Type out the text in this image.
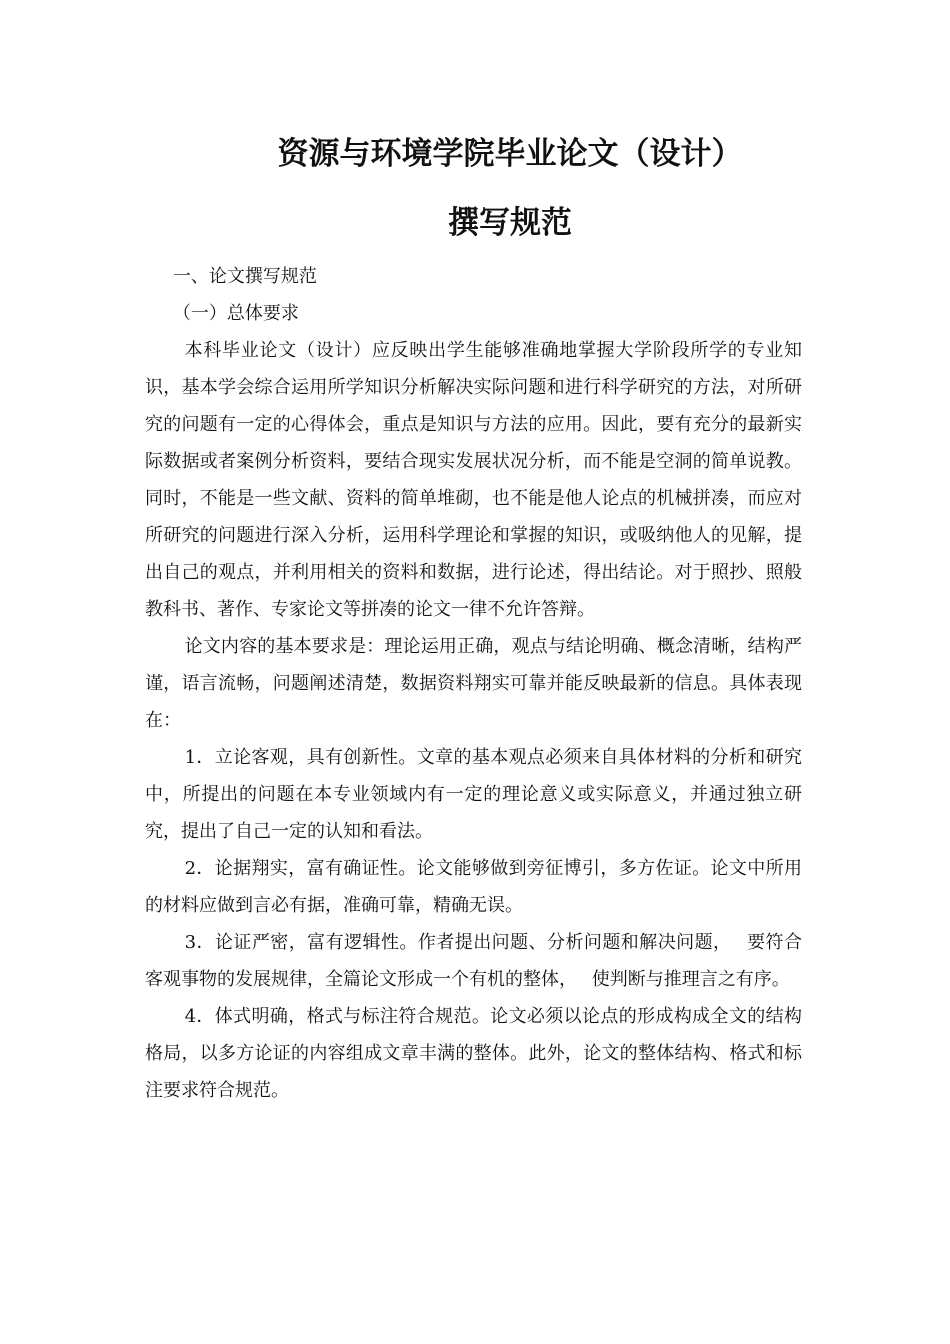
资源与环境学院毕业论文（设计）
撰写规范

一、论文撰写规范

（一）总体要求

本科毕业论文（设计）应反映出学生能够准确地掌握大学阶段所学的专业知识，基本学会综合运用所学知识分析解决实际问题和进行科学研究的方法，对所研究的问题有一定的心得体会，重点是知识与方法的应用。因此，要有充分的最新实际数据或者案例分析资料，要结合现实发展状况分析，而不能是空洞的简单说教。同时，不能是一些文献、资料的简单堆砌，也不能是他人论点的机械拼凑，而应对所研究的问题进行深入分析，运用科学理论和掌握的知识，或吸纳他人的见解，提出自己的观点，并利用相关的资料和数据，进行论述，得出结论。对于照抄、照般教科书、著作、专家论文等拼凑的论文一律不允许答辩。

论文内容的基本要求是：理论运用正确，观点与结论明确、概念清晰，结构严谨，语言流畅，问题阐述清楚，数据资料翔实可靠并能反映最新的信息。具体表现在：

1．立论客观，具有创新性。文章的基本观点必须来自具体材料的分析和研究中，所提出的问题在本专业领域内有一定的理论意义或实际意义，并通过独立研究，提出了自己一定的认知和看法。

2．论据翔实，富有确证性。论文能够做到旁征博引，多方佐证。论文中所用的材料应做到言必有据，准确可靠，精确无误。

3．论证严密，富有逻辑性。作者提出问题、分析问题和解决问题，　 要符合客观事物的发展规律，全篇论文形成一个有机的整体，　 使判断与推理言之有序。

4．体式明确，格式与标注符合规范。论文必须以论点的形成构成全文的结构格局，以多方论证的内容组成文章丰满的整体。此外，论文的整体结构、格式和标注要求符合规范。
